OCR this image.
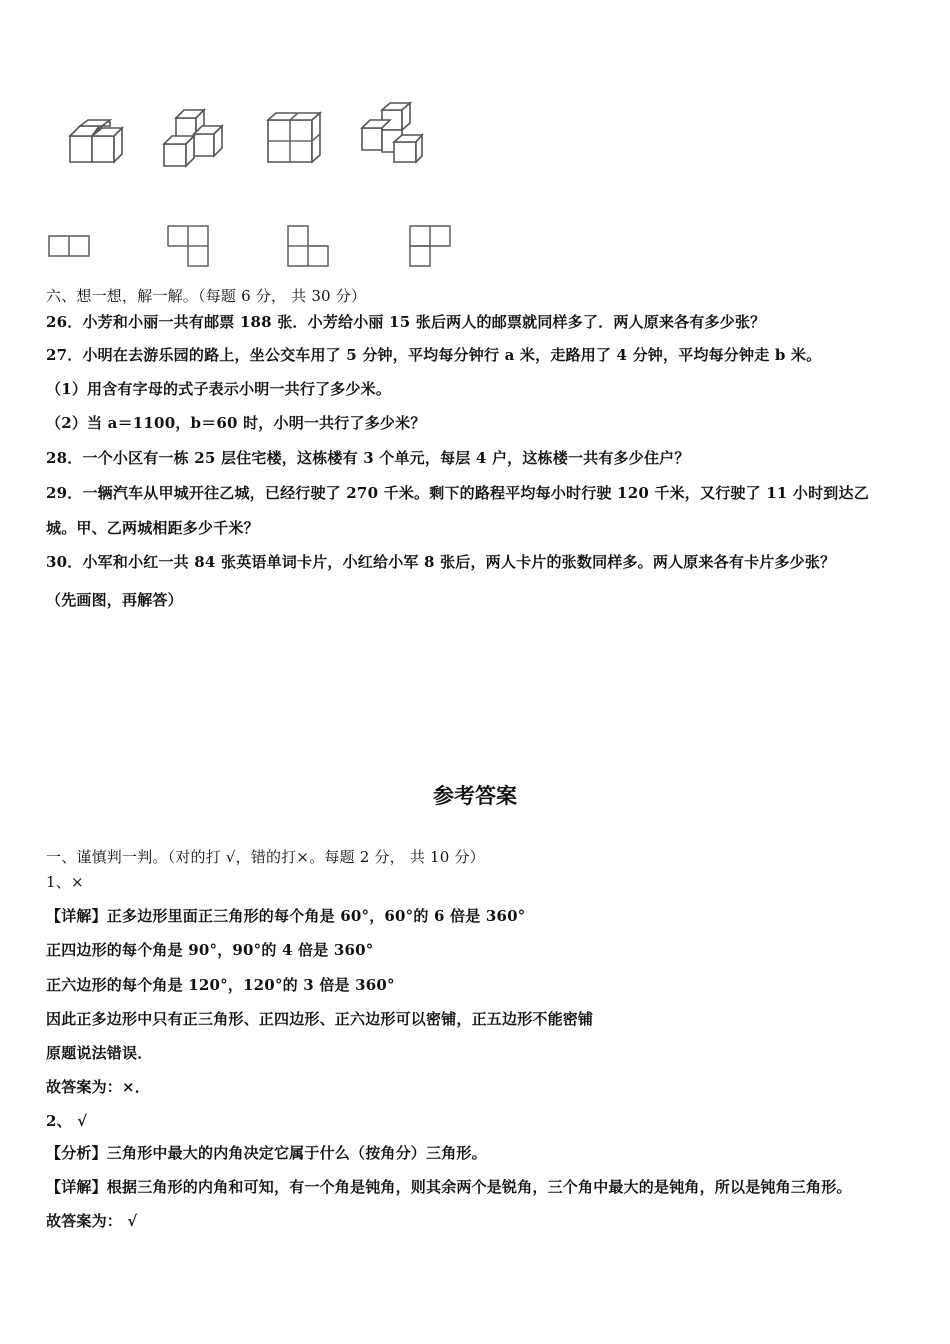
六、想一想，解一解。（每题 6 分， 共 30 分）
26．小芳和小丽一共有邮票 188 张．小芳给小丽 15 张后两人的邮票就同样多了．两人原来各有多少张？
27．小明在去游乐园的路上，坐公交车用了 5 分钟，平均每分钟行 a 米，走路用了 4 分钟，平均每分钟走 b 米。
（1）用含有字母的式子表示小明一共行了多少米。
（2）当 a＝1100，b＝60 时，小明一共行了多少米？
28．一个小区有一栋 25 层住宅楼，这栋楼有 3 个单元，每层 4 户，这栋楼一共有多少住户？
29．一辆汽车从甲城开往乙城，已经行驶了 270 千米。剩下的路程平均每小时行驶 120 千米，又行驶了 11 小时到达乙
城。甲、乙两城相距多少千米？
30．小军和小红一共 84 张英语单词卡片，小红给小军 8 张后，两人卡片的张数同样多。两人原来各有卡片多少张？
（先画图，再解答）
参考答案
一、谨慎判一判。（对的打 √，错的打×。每题 2 分， 共 10 分）
1、×
【详解】正多边形里面正三角形的每个角是 60°，60°的 6 倍是 360°
正四边形的每个角是 90°，90°的 4 倍是 360°
正六边形的每个角是 120°，120°的 3 倍是 360°
因此正多边形中只有正三角形、正四边形、正六边形可以密铺，正五边形不能密铺
原题说法错误．
故答案为：×．
2、 √
【分析】三角形中最大的内角决定它属于什么（按角分）三角形。
【详解】根据三角形的内角和可知，有一个角是钝角，则其余两个是锐角，三个角中最大的是钝角，所以是钝角三角形。
故答案为： √
